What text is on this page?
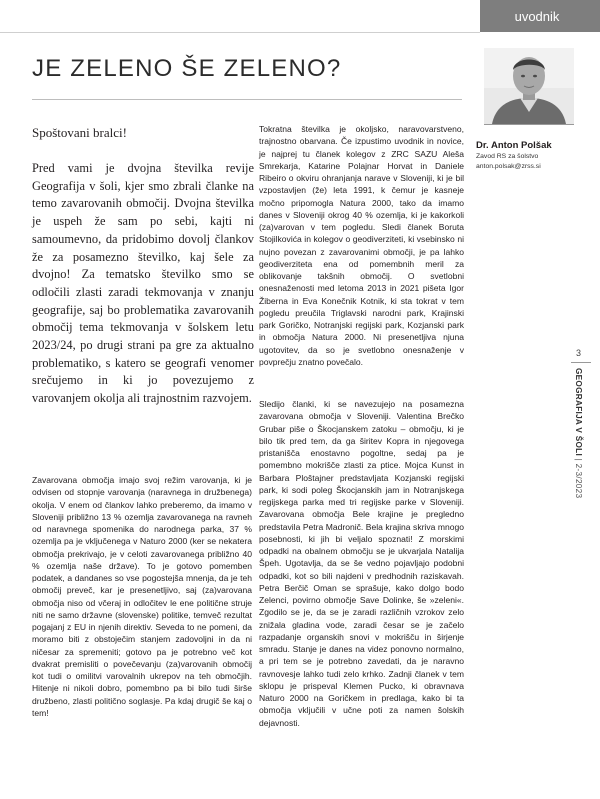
uvodnik
JE ZELENO ŠE ZELENO?
Dr. Anton Polšak
Zavod RS za šolstvo
anton.polsak@zrss.si

Spoštovani bralci!

Pred vami je dvojna številka revije Geografija v šoli, kjer smo zbrali članke na temo zavarovanih območij. Dvojna številka je uspeh že sam po sebi, kajti ni samoumevno, da pridobimo dovolj člankov že za posamezno številko, kaj šele za dvojno! Za tematsko številko smo se odločili zlasti zaradi tekmovanja v znanju geografije, saj bo problematika zavarovanih območij tema tekmovanja v šolskem letu 2023/24, po drugi strani pa gre za aktualno problematiko, s katero se geografi venomer srečujemo in ki jo povezujemo z varovanjem okolja ali trajnostnim razvojem.

Zavarovana območja imajo svoj režim varovanja, ki je odvisen od stopnje varovanja (naravnega in družbenega) okolja. V enem od člankov lahko preberemo, da imamo v Sloveniji približno 13 % ozemlja zavarovanega na ravneh od naravnega spomenika do narodnega parka, 37 % ozemlja pa je vključenega v Naturo 2000 (ker se nekatera območja prekrivajo, je v celoti zavarovanega približno 40 % ozemlja naše države). To je gotovo pomemben podatek, a dandanes so vse pogostejša mnenja, da je teh območij preveč, kar je presenetljivo, saj (za)varovana območja niso od včeraj in odločitev le ene politične struje niti ne samo državne (slovenske) politike, temveč rezultat pogajanj z EU in njenih direktiv. Seveda to ne pomeni, da moramo biti z obstoječim stanjem zadovoljni in da ni ničesar za spremeniti; gotovo pa je potrebno več kot dvakrat premisliti o povečevanju (za)varovanih območij kot tudi o omilitvi varovalnih ukrepov na teh območjih. Hitenje ni nikoli dobro, pomembno pa bi bilo tudi širše družbeno, zlasti politično soglasje. Pa kdaj drugič še kaj o tem!

Tokratna številka je okoljsko, naravovarstveno, trajnostno obarvana. Če izpustimo uvodnik in novice, je najprej tu članek kolegov z ZRC SAZU Aleša Smrekarja, Katarine Polajnar Horvat in Daniele Ribeiro o okviru ohranjanja narave v Sloveniji, ki je bil vzpostavljen (že) leta 1991, k čemur je kasneje močno pripomogla Natura 2000, tako da imamo danes v Sloveniji okrog 40 % ozemlja, ki je kakorkoli (za)varovan v tem pogledu. Sledi članek Boruta Stojilkovića in kolegov o geodiverziteti, ki vsebinsko ni nujno povezan z zavarovanimi območji, je pa lahko geodiverziteta ena od pomembnih meril za oblikovanje takšnih območij. O svetlobni onesnaženosti med letoma 2013 in 2021 pišeta Igor Žiberna in Eva Konečnik Kotnik, ki sta tokrat v tem pogledu preučila Triglavski narodni park, Krajinski park Goričko, Notranjski regijski park, Kozjanski park in območja Natura 2000. Ni presenetljiva njuna ugotovitev, da so je svetlobno onesnaženje v povprečju znatno povečalo.

Sledijo članki, ki se navezujejo na posamezna zavarovana območja v Sloveniji. Valentina Brečko Grubar piše o Škocjanskem zatoku – območju, ki je bilo tik pred tem, da ga širitev Kopra in njegovega pristanišča enostavno pogoltne, sedaj pa je pomembno mokrišče zlasti za ptice. Mojca Kunst in Barbara Ploštajner predstavljata Kozjanski regijski park, ki sodi poleg Škocjanskih jam in Notranjskega regijskega parka med tri regijske parke v Sloveniji. Zavarovana območja Bele krajine je pregledno predstavila Petra Madronič. Bela krajina skriva mnogo posebnosti, ki jih bi veljalo spoznati! Z morskimi odpadki na obalnem območju se je ukvarjala Natalija Špeh. Ugotavlja, da se še vedno pojavljajo podobni odpadki, kot so bili najdeni v predhodnih raziskavah. Petra Berčič Oman se sprašuje, kako dolgo bodo Zelenci, povirno območje Save Dolinke, še »zeleni«. Zgodilo se je, da se je zaradi različnih vzrokov zelo znižala gladina vode, zaradi česar se je začelo razpadanje organskih snovi v mokrišču in širjenje smradu. Stanje je danes na videz ponovno normalno, a pri tem se je potrebno zavedati, da je naravno ravnovesje lahko tudi zelo krhko. Zadnji članek v tem sklopu je prispeval Klemen Pucko, ki obravnava Naturo 2000 na Goričkem in predlaga, kako bi ta območja vključili v učne poti za namen šolskih dejavnosti.

3
GEOGRAFIJA V ŠOLI | 2-3/2023
